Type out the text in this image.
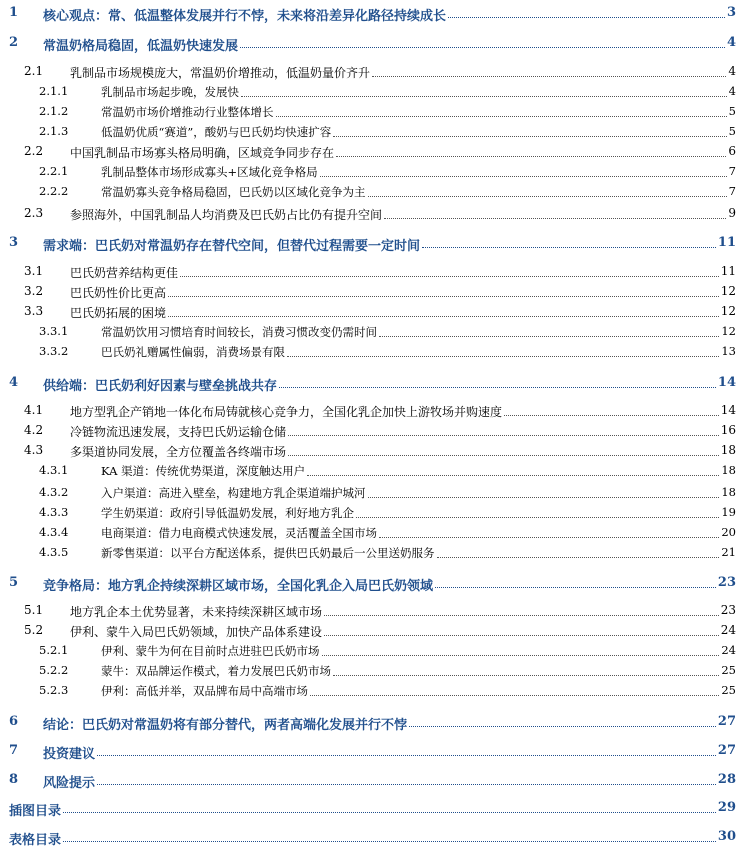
1 核心观点：常、低温整体发展并行不悖，未来将沿差异化路径持续成长	3
2 常温奶格局稳固，低温奶快速发展	4
2.1 乳制品市场规模庞大，常温奶价增推动，低温奶量价齐升	4
2.1.1	乳制品市场起步晚，发展快	4
2.1.2	常温奶市场价增推动行业整体增长	5
2.1.3	低温奶优质“赛道”，酸奶与巴氏奶均快速扩容	5
2.2 中国乳制品市场寡头格局明确，区域竞争同步存在	6
2.2.1	乳制品整体市场形成寡头+区域化竞争格局	7
2.2.2	常温奶寡头竞争格局稳固，巴氏奶以区域化竞争为主	7
2.3 参照海外，中国乳制品人均消费及巴氏奶占比仍有提升空间	9
3 需求端：巴氏奶对常温奶存在替代空间，但替代过程需要一定时间	11
3.1 巴氏奶营养结构更佳	11
3.2 巴氏奶性价比更高	12
3.3 巴氏奶拓展的困境	12
3.3.1	常温奶饮用习惯培育时间较长，消费习惯改变仍需时间	12
3.3.2	巴氏奶礼赠属性偏弱，消费场景有限	13
4 供给端：巴氏奶利好因素与壁垒挑战共存	14
4.1 地方型乳企产销地一体化布局铸就核心竞争力，全国化乳企加快上游牧场并购速度	14
4.2 冷链物流迅速发展，支持巴氏奶运输仓储	16
4.3 多渠道协同发展，全方位覆盖各终端市场	18
4.3.1	KA 渠道：传统优势渠道，深度触达用户	18
4.3.2	入户渠道：高进入壁垒，构建地方乳企渠道端护城河	18
4.3.3	学生奶渠道：政府引导低温奶发展，利好地方乳企	19
4.3.4	电商渠道：借力电商模式快速发展，灵活覆盖全国市场	20
4.3.5	新零售渠道：以平台方配送体系，提供巴氏奶最后一公里送奶服务	21
5 竞争格局：地方乳企持续深耕区域市场，全国化乳企入局巴氏奶领域	23
5.1 地方乳企本土优势显著，未来持续深耕区域市场	23
5.2 伊利、蒙牛入局巴氏奶领域，加快产品体系建设	24
5.2.1	伊利、蒙牛为何在目前时点进驻巴氏奶市场	24
5.2.2	蒙牛：双品牌运作模式，着力发展巴氏奶市场	25
5.2.3	伊利：高低并举，双品牌布局中高端市场	25
6 结论：巴氏奶对常温奶将有部分替代，两者高端化发展并行不悖	27
7 投资建议	27
8 风险提示	28
插图目录	29
表格目录	30
